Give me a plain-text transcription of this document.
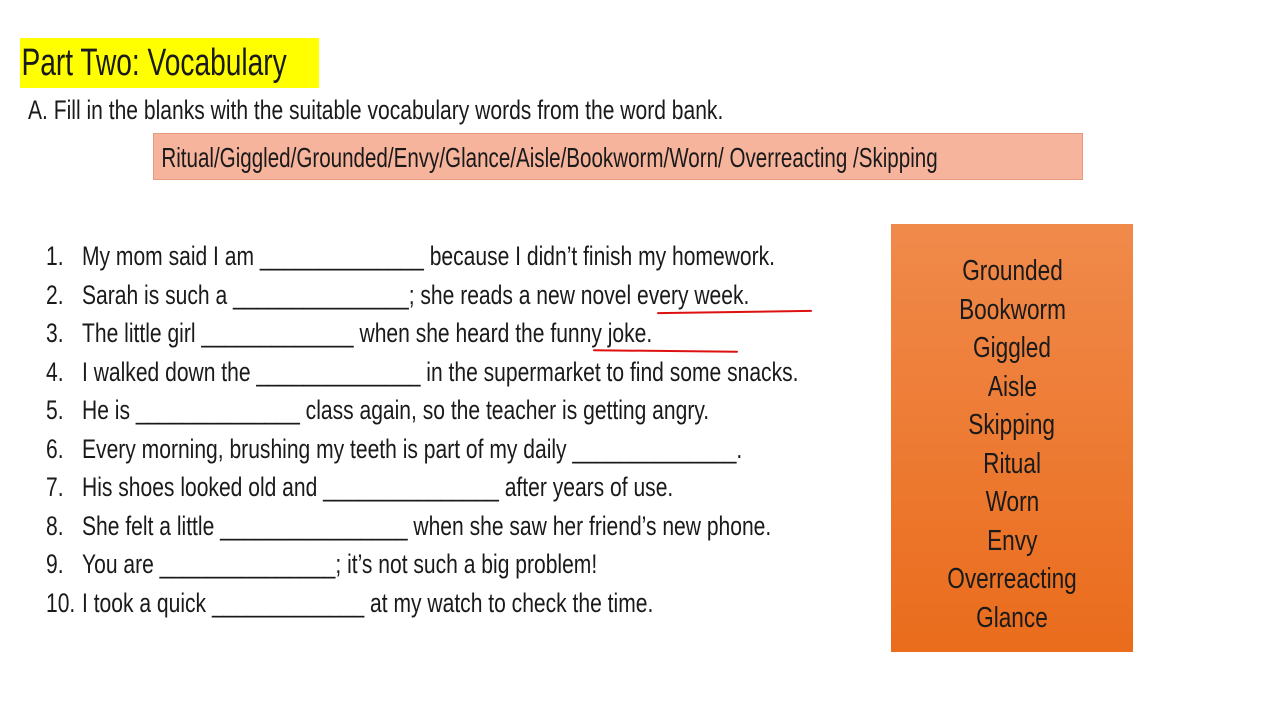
Part Two: Vocabulary
A. Fill in the blanks with the suitable vocabulary words from the word bank.
Ritual/Giggled/Grounded/Envy/Glance/Aisle/Bookworm/Worn/ Overreacting /Skipping
1. My mom said I am ______________ because I didn’t finish my homework.
2. Sarah is such a _______________; she reads a new novel every week.
3. The little girl _____________ when she heard the funny joke.
4. I walked down the ______________ in the supermarket to find some snacks.
5. He is ______________ class again, so the teacher is getting angry.
6. Every morning, brushing my teeth is part of my daily ______________.
7. His shoes looked old and _______________ after years of use.
8. She felt a little ________________ when she saw her friend’s new phone.
9. You are _______________; it’s not such a big problem!
10. I took a quick _____________ at my watch to check the time.
Grounded
Bookworm
Giggled
Aisle
Skipping
Ritual
Worn
Envy
Overreacting
Glance
